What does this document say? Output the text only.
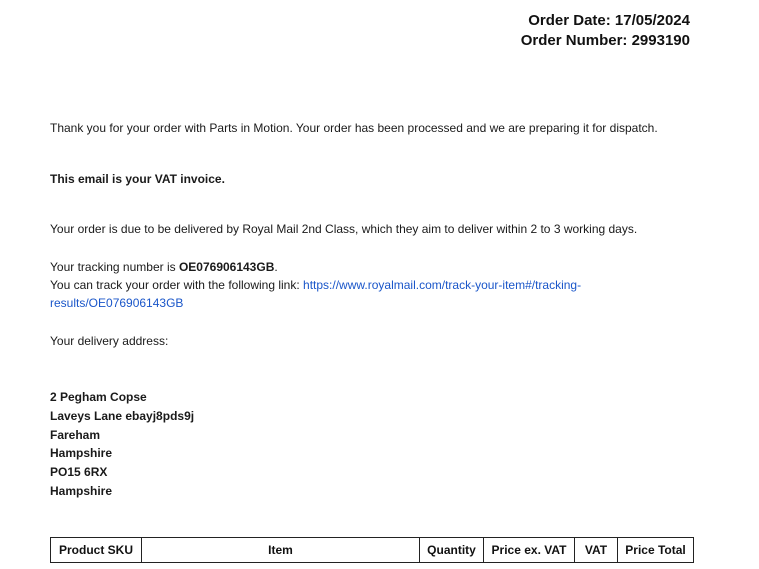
Order Date: 17/05/2024
Order Number: 2993190
Thank you for your order with Parts in Motion. Your order has been processed and we are preparing it for dispatch.
This email is your VAT invoice.
Your order is due to be delivered by Royal Mail 2nd Class, which they aim to deliver within 2 to 3 working days.
Your tracking number is OE076906143GB.
You can track your order with the following link: https://www.royalmail.com/track-your-item#/tracking-results/OE076906143GB
Your delivery address:
2 Pegham Copse
Laveys Lane ebayj8pds9j
Fareham
Hampshire
PO15 6RX
Hampshire
Product SKU	Item	Quantity	Price ex. VAT	VAT	Price Total
